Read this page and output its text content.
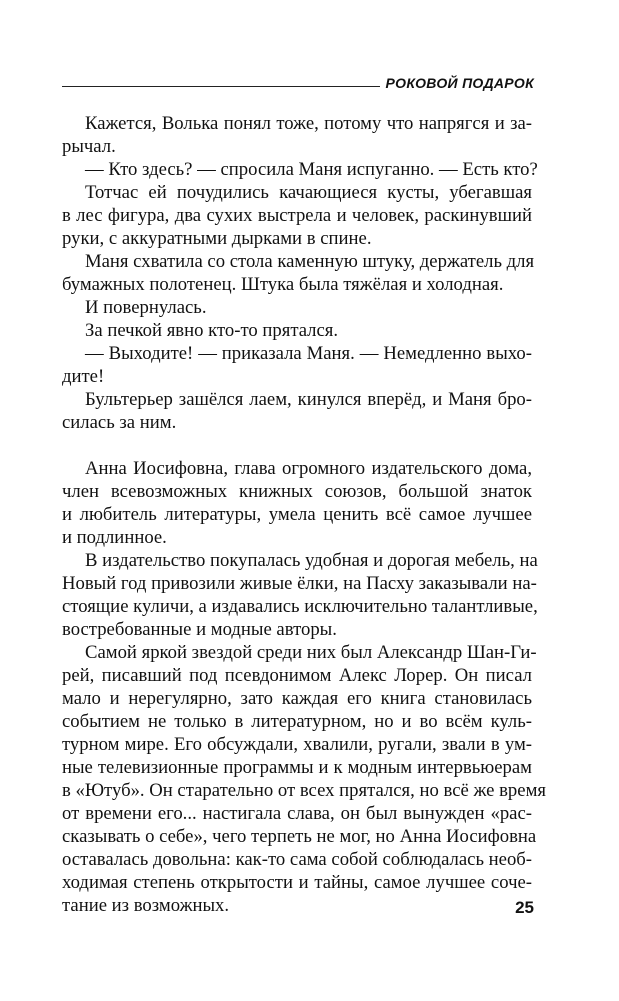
РОКОВОЙ ПОДАРОК
Кажется, Волька понял тоже, потому что напрягся и за-
рычал.
— Кто здесь? — спросила Маня испуганно. — Есть кто?
Тотчас ей почудились качающиеся кусты, убегавшая
в лес фигура, два сухих выстрела и человек, раскинувший
руки, с аккуратными дырками в спине.
Маня схватила со стола каменную штуку, держатель для
бумажных полотенец. Штука была тяжёлая и холодная.
И повернулась.
За печкой явно кто-то прятался.
— Выходите! — приказала Маня. — Немедленно выхо-
дите!
Бультерьер зашёлся лаем, кинулся вперёд, и Маня бро-
силась за ним.
Анна Иосифовна, глава огромного издательского дома,
член всевозможных книжных союзов, большой знаток
и любитель литературы, умела ценить всё самое лучшее
и подлинное.
В издательство покупалась удобная и дорогая мебель, на
Новый год привозили живые ёлки, на Пасху заказывали на-
стоящие куличи, а издавались исключительно талантливые,
востребованные и модные авторы.
Самой яркой звездой среди них был Александр Шан-Ги-
рей, писавший под псевдонимом Алекс Лорер. Он писал
мало и нерегулярно, зато каждая его книга становилась
событием не только в литературном, но и во всём куль-
турном мире. Его обсуждали, хвалили, ругали, звали в ум-
ные телевизионные программы и к модным интервьюерам
в «Ютуб». Он старательно от всех прятался, но всё же время
от времени его... настигала слава, он был вынужден «рас-
сказывать о себе», чего терпеть не мог, но Анна Иосифовна
оставалась довольна: как-то сама собой соблюдалась необ-
ходимая степень открытости и тайны, самое лучшее соче-
тание из возможных.	25
